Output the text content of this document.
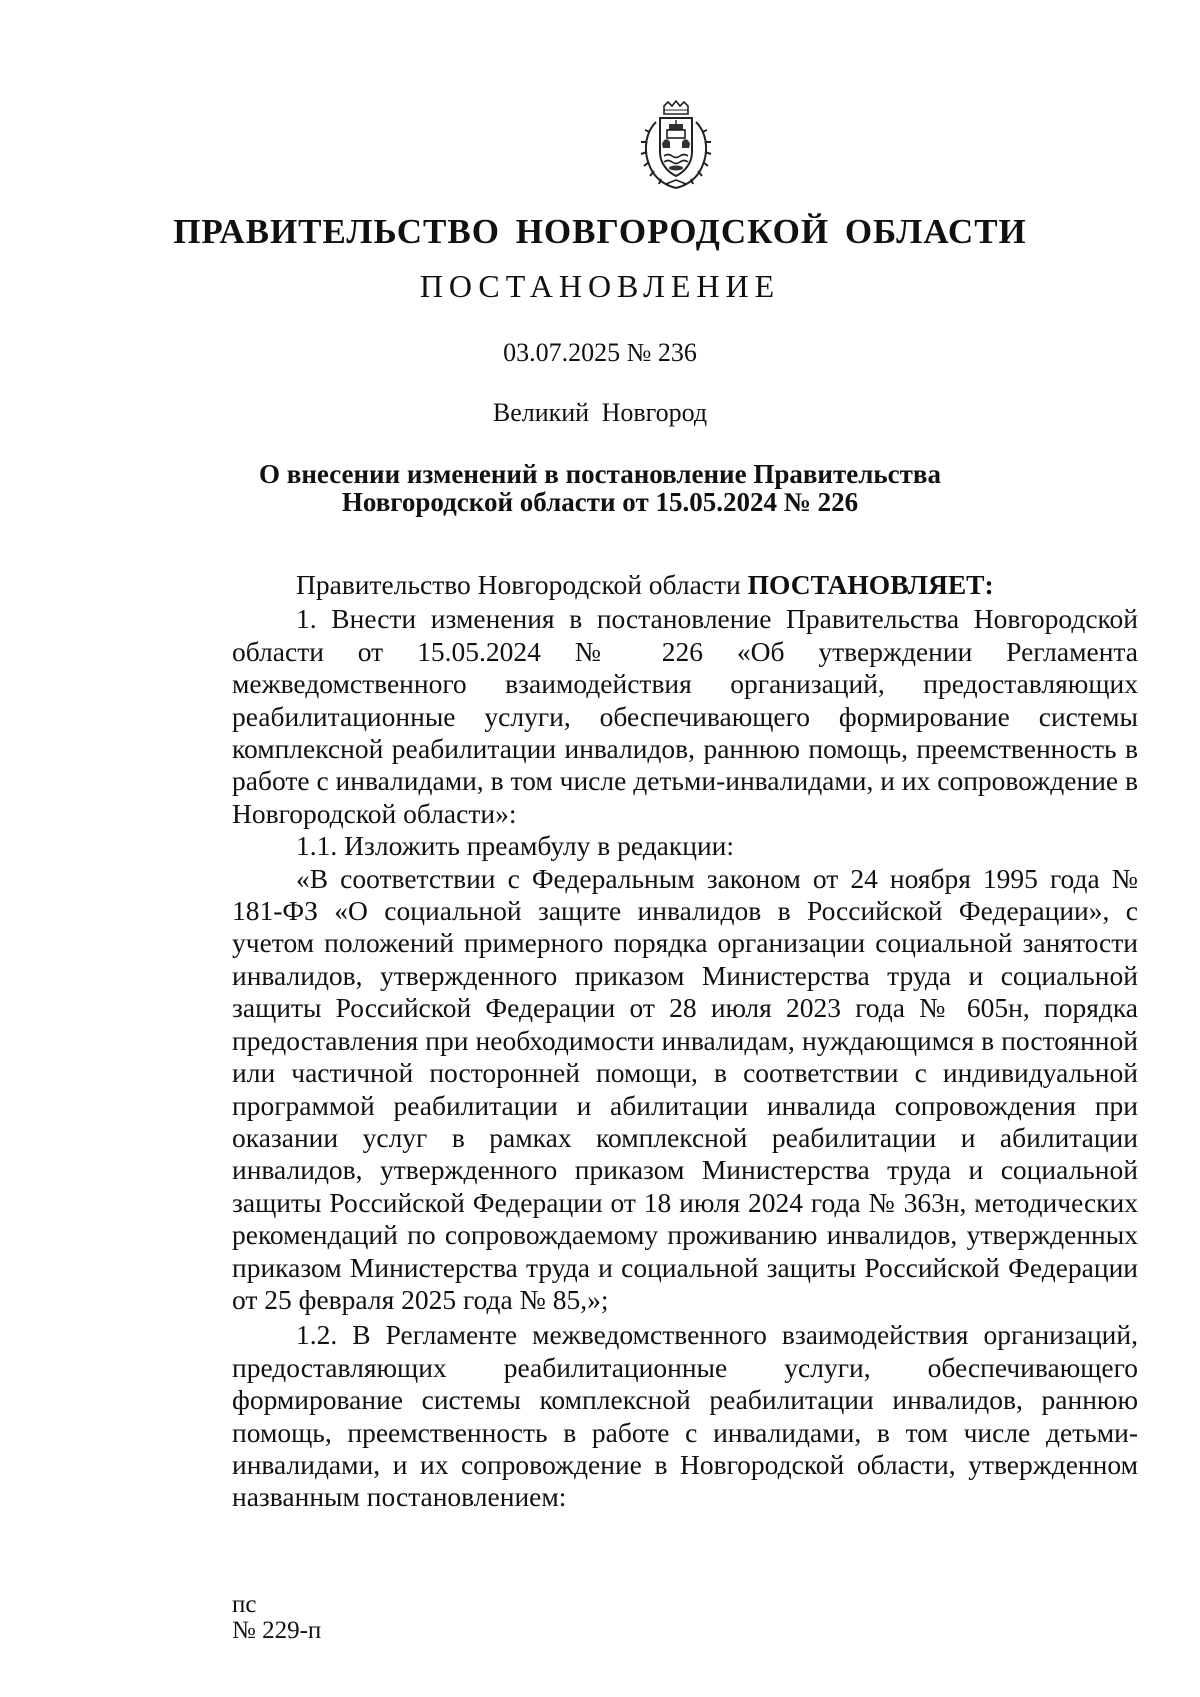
ПРАВИТЕЛЬСТВО НОВГОРОДСКОЙ ОБЛАСТИ
ПОСТАНОВЛЕНИЕ
03.07.2025 № 236
Великий Новгород
О внесении изменений в постановление Правительства
Новгородской области от 15.05.2024 № 226

Правительство Новгородской области ПОСТАНОВЛЯЕТ:

1. Внести изменения в постановление Правительства Новгородской области от 15.05.2024 № 226 «Об утверждении Регламента межведомственного взаимодействия организаций, предоставляющих реабилитационные услуги, обеспечивающего формирование системы комплексной реабилитации инвалидов, раннюю помощь, преемственность в работе с инвалидами, в том числе детьми-инвалидами, и их сопровождение в Новгородской области»:

1.1. Изложить преамбулу в редакции:

«В соответствии с Федеральным законом от 24 ноября 1995 года № 181-ФЗ «О социальной защите инвалидов в Российской Федерации», с учетом положений примерного порядка организации социальной занятости инвалидов, утвержденного приказом Министерства труда и социальной защиты Российской Федерации от 28 июля 2023 года № 605н, порядка предоставления при необходимости инвалидам, нуждающимся в постоянной или частичной посторонней помощи, в соответствии с индивидуальной программой реабилитации и абилитации инвалида сопровождения при оказании услуг в рамках комплексной реабилитации и абилитации инвалидов, утвержденного приказом Министерства труда и социальной защиты Российской Федерации от 18 июля 2024 года № 363н, методических рекомендаций по сопровождаемому проживанию инвалидов, утвержденных приказом Министерства труда и социальной защиты Российской Федерации от 25 февраля 2025 года № 85,»;

1.2. В Регламенте межведомственного взаимодействия организаций, предоставляющих реабилитационные услуги, обеспечивающего формирование системы комплексной реабилитации инвалидов, раннюю помощь, преемственность в работе с инвалидами, в том числе детьми-инвалидами, и их сопровождение в Новгородской области, утвержденном названным постановлением:

пс
№ 229-п
